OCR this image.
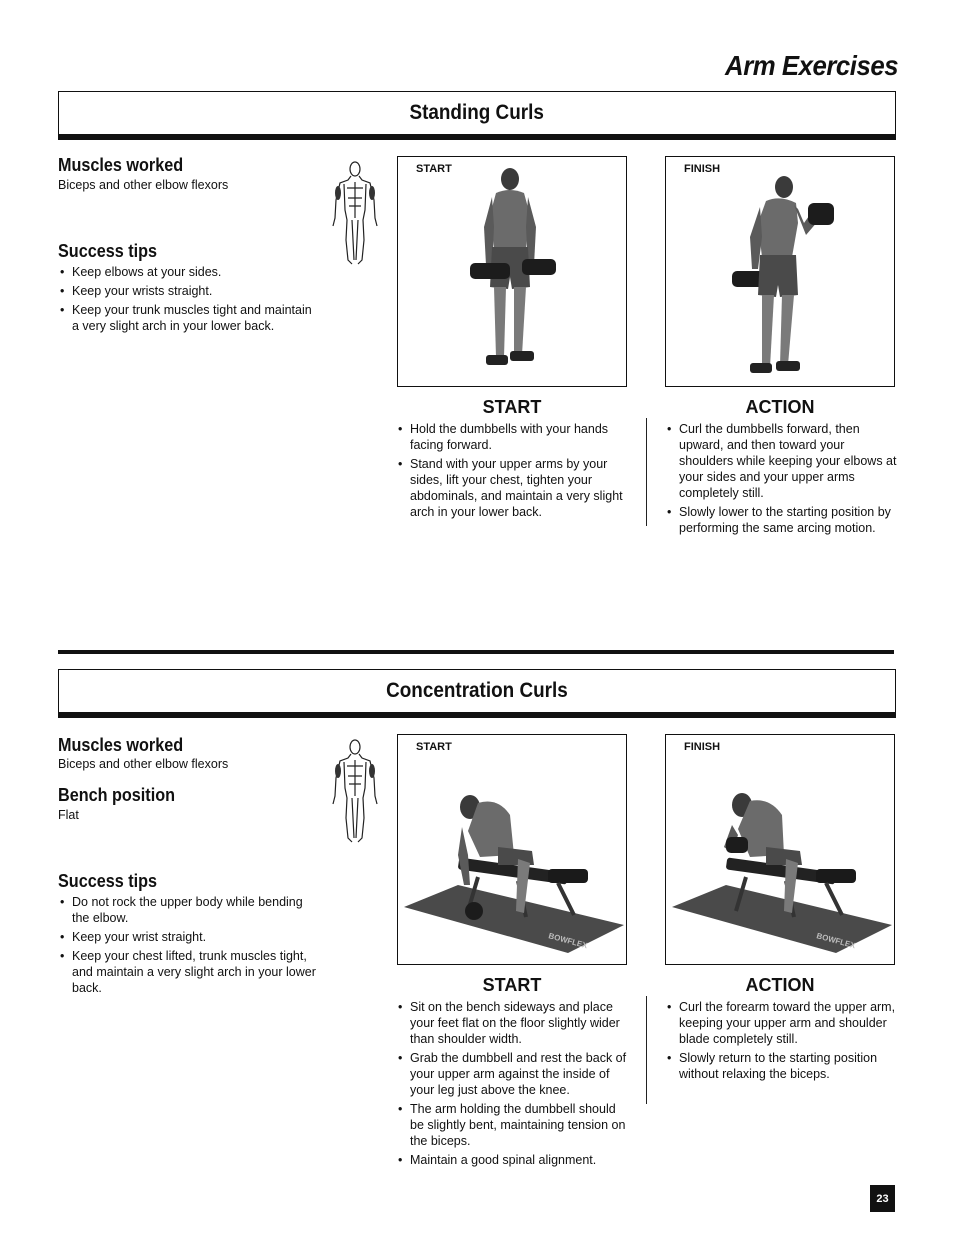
Arm Exercises
Standing Curls
Muscles worked
Biceps and other elbow flexors
Success tips
• Keep elbows at your sides.
• Keep your wrists straight.
• Keep your trunk muscles tight and maintain a very slight arch in your lower back.
START	FINISH
START
• Hold the dumbbells with your hands facing forward.
• Stand with your upper arms by your sides, lift your chest, tighten your abdominals, and maintain a very slight arch in your lower back.
ACTION
• Curl the dumbbells forward, then upward, and then toward your shoulders while keeping your elbows at your sides and your upper arms completely still.
• Slowly lower to the starting position by performing the same arcing motion.
Concentration Curls
Muscles worked
Biceps and other elbow flexors
Bench position
Flat
Success tips
• Do not rock the upper body while bending the elbow.
• Keep your wrist straight.
• Keep your chest lifted, trunk muscles tight, and maintain a very slight arch in your lower back.
START
BOWFLEX
FINISH
BOWFLEX
START
• Sit on the bench sideways and place your feet flat on the floor slightly wider than shoulder width.
• Grab the dumbbell and rest the back of your upper arm against the inside of your leg just above the knee.
• The arm holding the dumbbell should be slightly bent, maintaining tension on the biceps.
• Maintain a good spinal alignment.
ACTION
• Curl the forearm toward the upper arm, keeping your upper arm and shoulder blade completely still.
• Slowly return to the starting position without relaxing the biceps.
23
